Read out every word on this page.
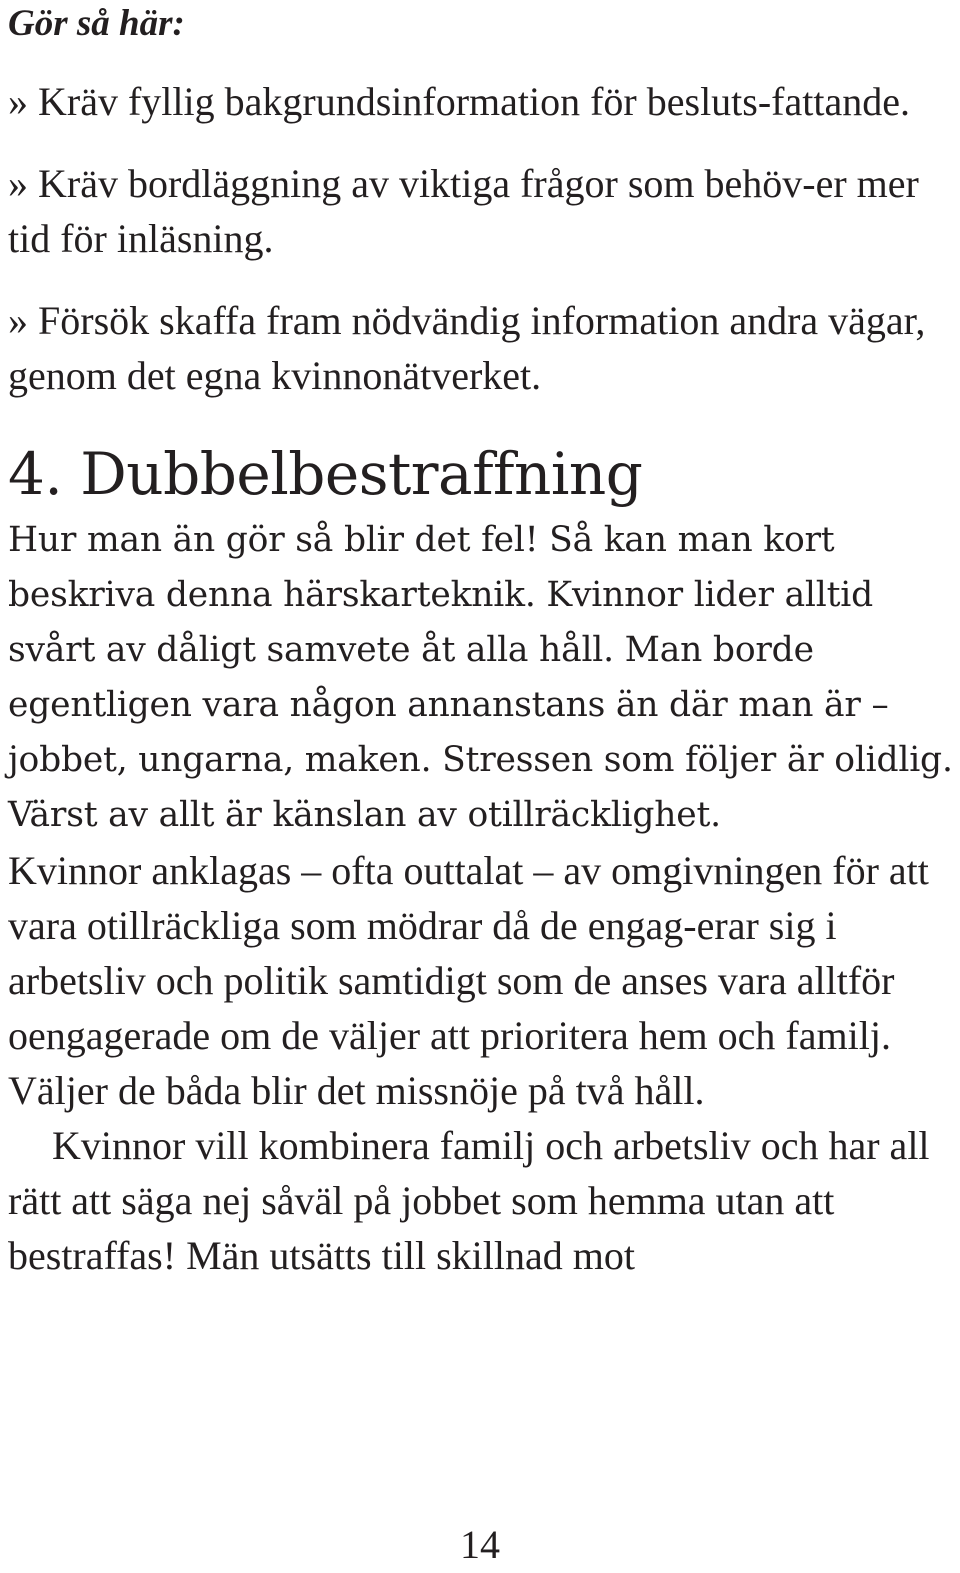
Gör så här:
» Kräv fyllig bakgrundsinformation för besluts-fattande.
» Kräv bordläggning av viktiga frågor som behöv-er mer tid för inläsning.
» Försök skaffa fram nödvändig information andra vägar, genom det egna kvinnonätverket.
4. Dubbelbestraffning

Hur man än gör så blir det fel! Så kan man kort beskriva denna härskarteknik. Kvinnor lider alltid svårt av dåligt samvete åt alla håll. Man borde egentligen vara någon annanstans än där man är – jobbet, ungarna, maken. Stressen som följer är olidlig. Värst av allt är känslan av otillräcklighet.

Kvinnor anklagas – ofta outtalat – av omgivningen för att vara otillräckliga som mödrar då de engag-erar sig i arbetsliv och politik samtidigt som de anses vara alltför oengagerade om de väljer att prioritera hem och familj. Väljer de båda blir det missnöje på två håll.

Kvinnor vill kombinera familj och arbetsliv och har all rätt att säga nej såväl på jobbet som hemma utan att bestraffas! Män utsätts till skillnad mot

14
